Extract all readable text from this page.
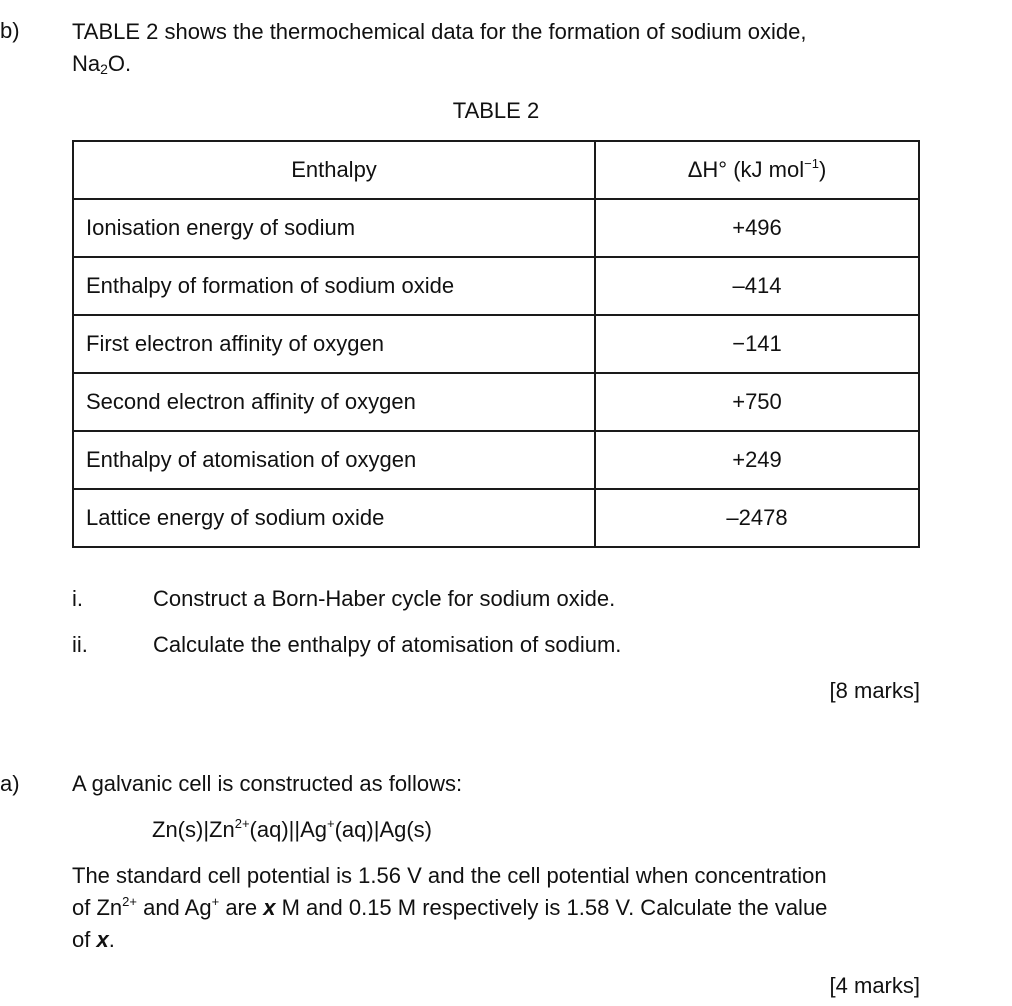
b) TABLE 2 shows the thermochemical data for the formation of sodium oxide,
$Na_2O$.
TABLE 2
Enthalpy	ΔH° (kJ mol$^{-1}$)
Ionisation energy of sodium	+496
Enthalpy of formation of sodium oxide	–414
First electron affinity of oxygen	−141
Second electron affinity of oxygen	+750
Enthalpy of atomisation of oxygen	+249
Lattice energy of sodium oxide	–2478
i.	Construct a Born-Haber cycle for sodium oxide.
ii.	Calculate the enthalpy of atomisation of sodium.
[8 marks]
a) A galvanic cell is constructed as follows:
$Zn(s)|Zn^{2+}(aq)||Ag^+(aq)|Ag(s)$
The standard cell potential is 1.56 V and the cell potential when concentration
of $Zn^{2+}$ and Ag+ are x M and 0.15 M respectively is 1.58 V. Calculate the value
of x.
[4 marks]
